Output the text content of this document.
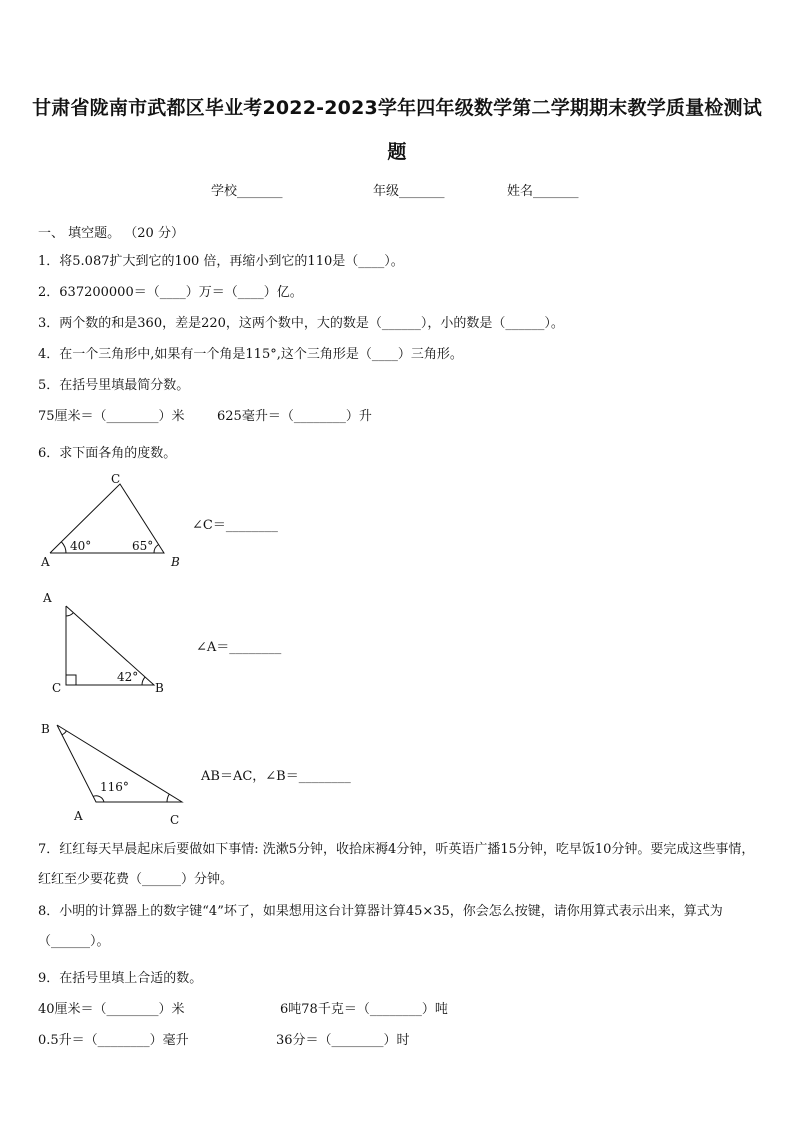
甘肃省陇南市武都区毕业考2022-2023学年四年级数学第二学期期末教学质量检测试
题
学校_______	年级_______	姓名_______
一、 填空题。 （20 分）
1．将5.087扩大到它的100 倍，再缩小到它的110是（____）。
2．637200000＝（____）万＝（____）亿。
3．两个数的和是360，差是220，这两个数中，大的数是（______），小的数是（______）。
4．在一个三角形中,如果有一个角是115°,这个三角形是（____）三角形。
5．在括号里填最简分数。
75厘米＝（________）米 625毫升＝（________）升
6．求下面各角的度数。
C
A	B
40°	65°
∠C＝________
A
C	B
42°
∠A＝________
B
A	C
116°
AB＝AC，∠B＝________
7．红红每天早晨起床后要做如下事情: 洗漱5分钟，收拾床褥4分钟，听英语广播15分钟，吃早饭10分钟。要完成这些事情，红红至少要花费（______）分钟。
8．小明的计算器上的数字键“4”坏了，如果想用这台计算器计算45×35，你会怎么按键，请你用算式表示出来，算式为（______）。
9．在括号里填上合适的数。
40厘米＝（________）米	6吨78千克＝（________）吨
0.5升＝（________）毫升	36分＝（________）时
